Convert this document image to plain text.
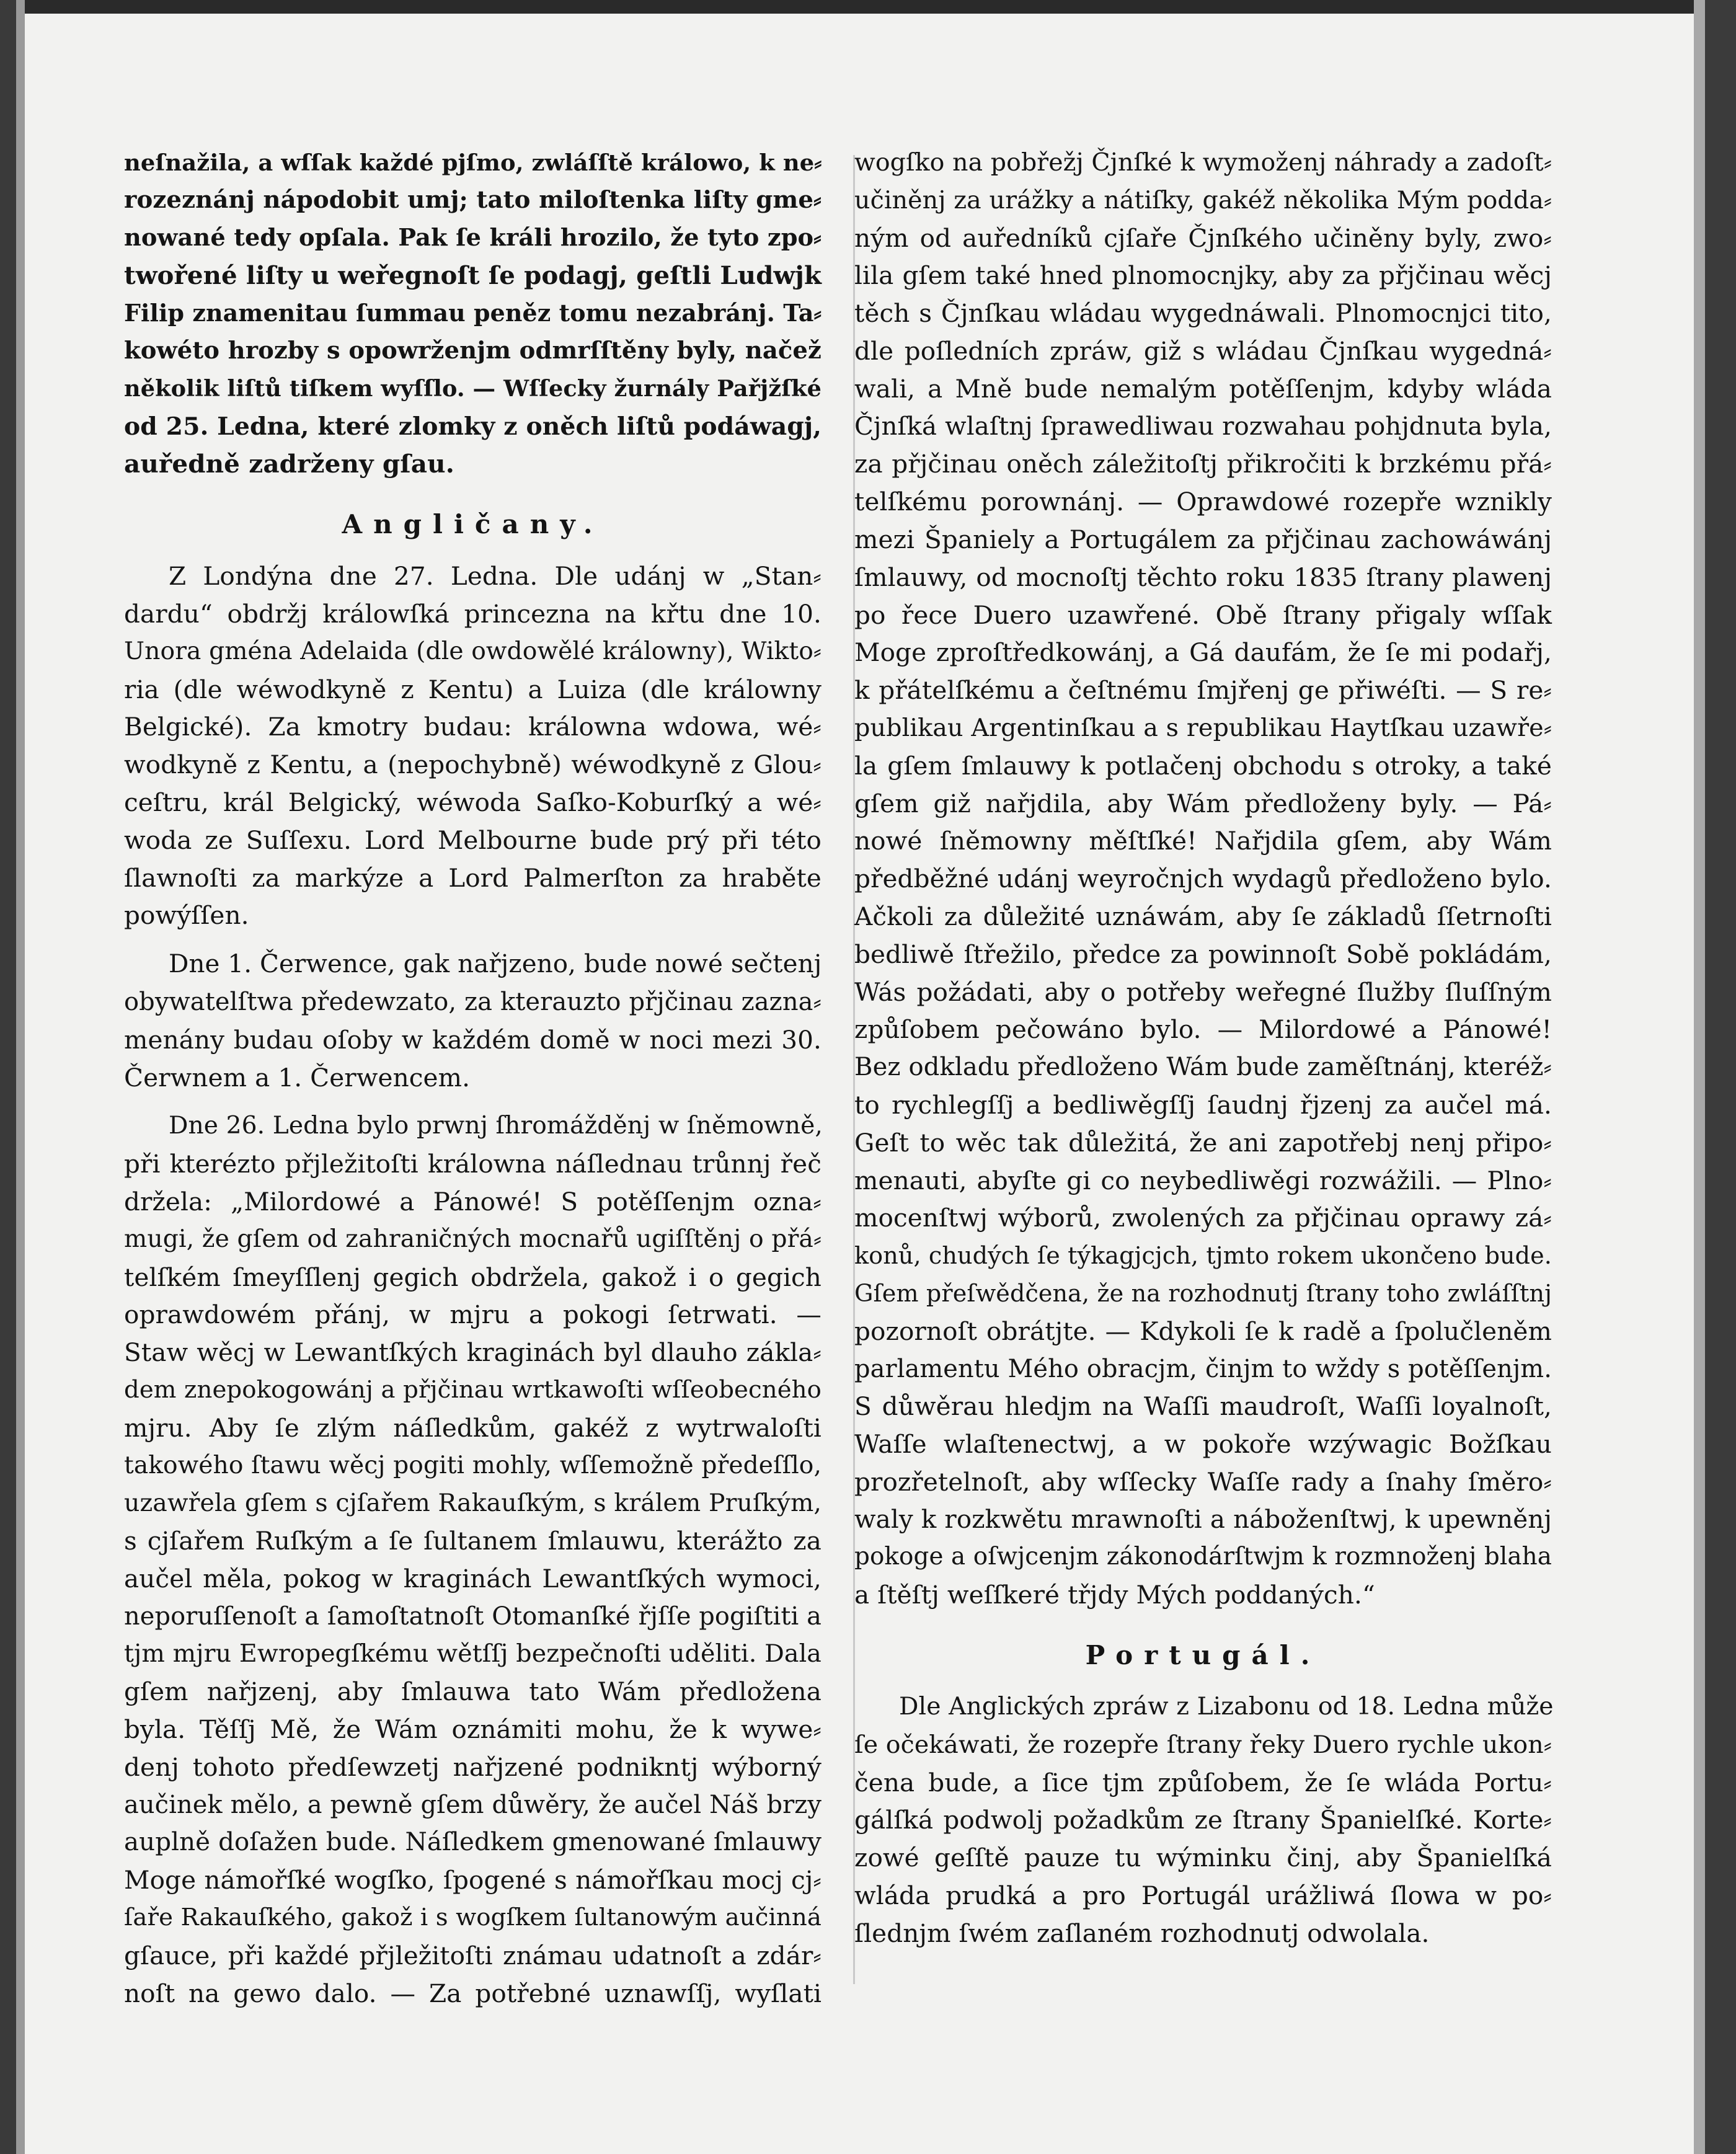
neſnažila, a wſſak každé pjſmo, zwláſſtě králowo, k ne⸗
rozeznánj nápodobit umj; tato miloſtenka liſty gme⸗
nowané tedy opſala. Pak ſe králi hrozilo, že tyto zpo⸗
twořené liſty u weřegnoſt ſe podagj, geſtli Ludwjk
Filip znamenitau ſummau peněz tomu nezabránj. Ta⸗
kowéto hrozby s opowrženjm odmrſſtěny byly, načež
několik liſtů tiſkem wyſſlo. — Wſſecky žurnály Pařjžſké
od 25. Ledna, které zlomky z oněch liſtů podáwagj,
auředně zadrženy gſau.

Angličany.

Z Londýna dne 27. Ledna. Dle udánj w „Stan⸗
dardu“ obdržj králowſká princezna na křtu dne 10.
Unora gména Adelaida (dle owdowělé králowny), Wikto⸗
ria (dle wéwodkyně z Kentu) a Luiza (dle králowny
Belgické). Za kmotry budau: králowna wdowa, wé⸗
wodkyně z Kentu, a (nepochybně) wéwodkyně z Glou⸗
ceſtru, král Belgický, wéwoda Saſko-Koburſký a wé⸗
woda ze Suſſexu. Lord Melbourne bude prý při této
ſlawnoſti za markýze a Lord Palmerſton za hraběte
powýſſen.

Dne 1. Čerwence, gak nařjzeno, bude nowé sečtenj
obywatelſtwa předewzato, za kterauzto přjčinau zazna⸗
menány budau oſoby w každém domě w noci mezi 30.
Čerwnem a 1. Čerwencem.

Dne 26. Ledna bylo prwnj ſhromážděnj w ſněmowně,
při kterézto přjležitoſti králowna náſlednau trůnnj řeč
držela: „Milordowé a Pánowé! S potěſſenjm ozna⸗
mugi, že gſem od zahraničných mocnařů ugiſſtěnj o přá⸗
telſkém ſmeyſſlenj gegich obdržela, gakož i o gegich
oprawdowém přánj, w mjru a pokogi ſetrwati. —
Staw wěcj w Lewantſkých kraginách byl dlauho zákla⸗
dem znepokogowánj a přjčinau wrtkawoſti wſſeobecného
mjru. Aby ſe zlým náſledkům, gakéž z wytrwaloſti
takowého ſtawu wěcj pogiti mohly, wſſemožně předeſſlo,
uzawřela gſem s cjſařem Rakauſkým, s králem Pruſkým,
s cjſařem Ruſkým a ſe ſultanem ſmlauwu, kterážto za
aučel měla, pokog w kraginách Lewantſkých wymoci,
neporuſſenoſt a ſamoſtatnoſt Otomanſké řjſſe pogiſtiti a
tjm mjru Ewropegſkému wětſſj bezpečnoſti uděliti. Dala
gſem nařjzenj, aby ſmlauwa tato Wám předložena
byla. Těſſj Mě, že Wám oznámiti mohu, že k wywe⸗
denj tohoto předſewzetj nařjzené podnikntj wýborný
aučinek mělo, a pewně gſem důwěry, že aučel Náš brzy
auplně doſažen bude. Náſledkem gmenowané ſmlauwy
Moge námořſké wogſko, ſpogené s námořſkau mocj cj⸗
ſaře Rakauſkého, gakož i s wogſkem ſultanowým aučinná
gſauce, při každé přjležitoſti známau udatnoſt a zdár⸗
noſt na gewo dalo. — Za potřebné uznawſſj, wyſlati

wogſko na pobřežj Čjnſké k wymoženj náhrady a zadoſt⸗
učiněnj za urážky a nátiſky, gakéž několika Mým podda⸗
ným od auředníků cjſaře Čjnſkého učiněny byly, zwo⸗
lila gſem také hned plnomocnjky, aby za přjčinau wěcj
těch s Čjnſkau wládau wygednáwali. Plnomocnjci tito,
dle poſledních zpráw, giž s wládau Čjnſkau wygedná⸗
wali, a Mně bude nemalým potěſſenjm, kdyby wláda
Čjnſká wlaſtnj ſprawedliwau rozwahau pohjdnuta byla,
za přjčinau oněch záležitoſtj přikročiti k brzkému přá⸗
telſkému porownánj. — Oprawdowé rozepře wznikly
mezi Španiely a Portugálem za přjčinau zachowáwánj
ſmlauwy, od mocnoſtj těchto roku 1835 ſtrany plawenj
po řece Duero uzawřené. Obě ſtrany přigaly wſſak
Moge zproſtředkowánj, a Gá daufám, že ſe mi podařj,
k přátelſkému a čeſtnému ſmjřenj ge přiwéſti. — S re⸗
publikau Argentinſkau a s republikau Haytſkau uzawře⸗
la gſem ſmlauwy k potlačenj obchodu s otroky, a také
gſem giž nařjdila, aby Wám předloženy byly. — Pá⸗
nowé ſněmowny měſtſké! Nařjdila gſem, aby Wám
předběžné udánj weyročnjch wydagů předloženo bylo.
Ačkoli za důležité uznáwám, aby ſe základů ſſetrnoſti
bedliwě ſtřežilo, předce za powinnoſt Sobě pokládám,
Wás požádati, aby o potřeby weřegné ſlužby ſluſſným
způſobem pečowáno bylo. — Milordowé a Pánowé!
Bez odkladu předloženo Wám bude zaměſtnánj, kteréž⸗
to rychlegſſj a bedliwěgſſj ſaudnj řjzenj za aučel má.
Geſt to wěc tak důležitá, že ani zapotřebj nenj připo⸗
menauti, abyſte gi co neybedliwěgi rozwážili. — Plno⸗
mocenſtwj wýborů, zwolených za přjčinau oprawy zá⸗
konů, chudých ſe týkagjcjch, tjmto rokem ukončeno bude.
Gſem přeſwědčena, že na rozhodnutj ſtrany toho zwláſſtnj
pozornoſt obrátjte. — Kdykoli ſe k radě a ſpolučleněm
parlamentu Mého obracjm, činjm to wždy s potěſſenjm.
S důwěrau hledjm na Waſſi maudroſt, Waſſi loyalnoſt,
Waſſe wlaſtenectwj, a w pokoře wzýwagic Božſkau
prozřetelnoſt, aby wſſecky Waſſe rady a ſnahy ſměro⸗
waly k rozkwětu mrawnoſti a náboženſtwj, k upewněnj
pokoge a oſwjcenjm zákonodárſtwjm k rozmnoženj blaha
a ſtěſtj weſſkeré třjdy Mých poddaných.“

Portugál.

Dle Anglických zpráw z Lizabonu od 18. Ledna může
ſe očekáwati, že rozepře ſtrany řeky Duero rychle ukon⸗
čena bude, a ſice tjm způſobem, že ſe wláda Portu⸗
gálſká podwolj požadkům ze ſtrany Španielſké. Korte⸗
zowé geſſtě pauze tu wýminku činj, aby Španielſká
wláda prudká a pro Portugál urážliwá ſlowa w po⸗
ſlednjm ſwém zaſlaném rozhodnutj odwolala.
